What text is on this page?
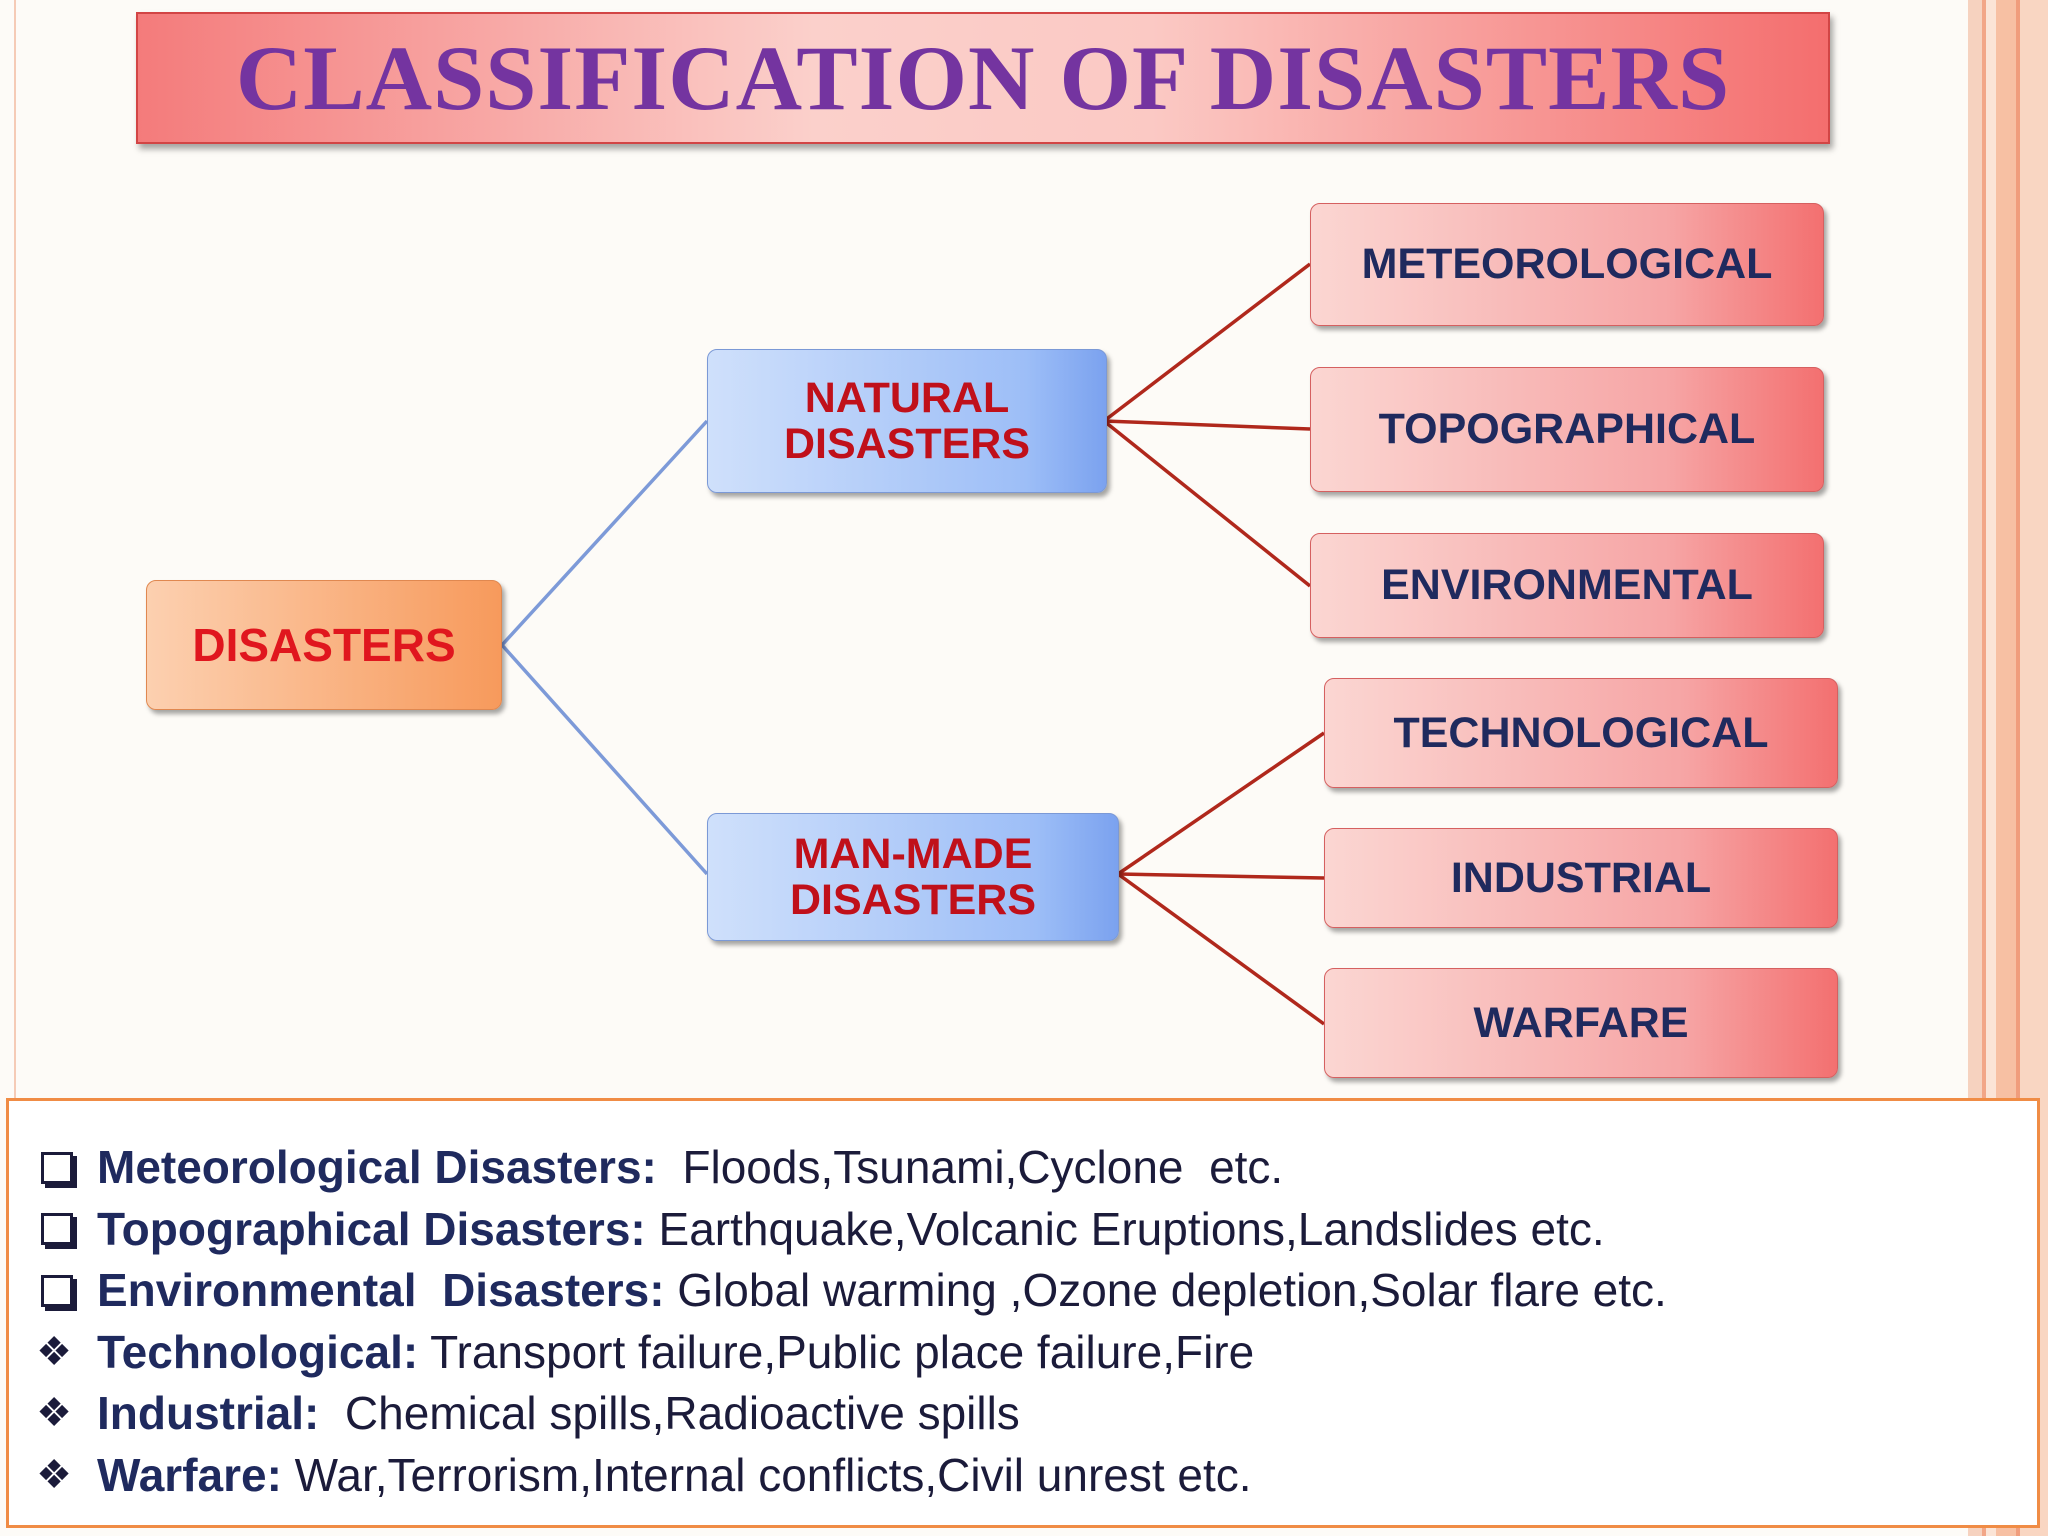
CLASSIFICATION OF DISASTERS
DISASTERS
NATURAL
DISASTERS
MAN-MADE
DISASTERS
METEOROLOGICAL
TOPOGRAPHICAL
ENVIRONMENTAL
TECHNOLOGICAL
INDUSTRIAL
WARFARE
Meteorological Disasters: Floods,Tsunami,Cyclone  etc.
Topographical Disasters: Earthquake,Volcanic Eruptions,Landslides etc.
Environmental  Disasters: Global warming ,Ozone depletion,Solar flare etc.
❖ Technological: Transport failure,Public place failure,Fire
❖ Industrial: Chemical spills,Radioactive spills
❖ Warfare: War,Terrorism,Internal conflicts,Civil unrest etc.
